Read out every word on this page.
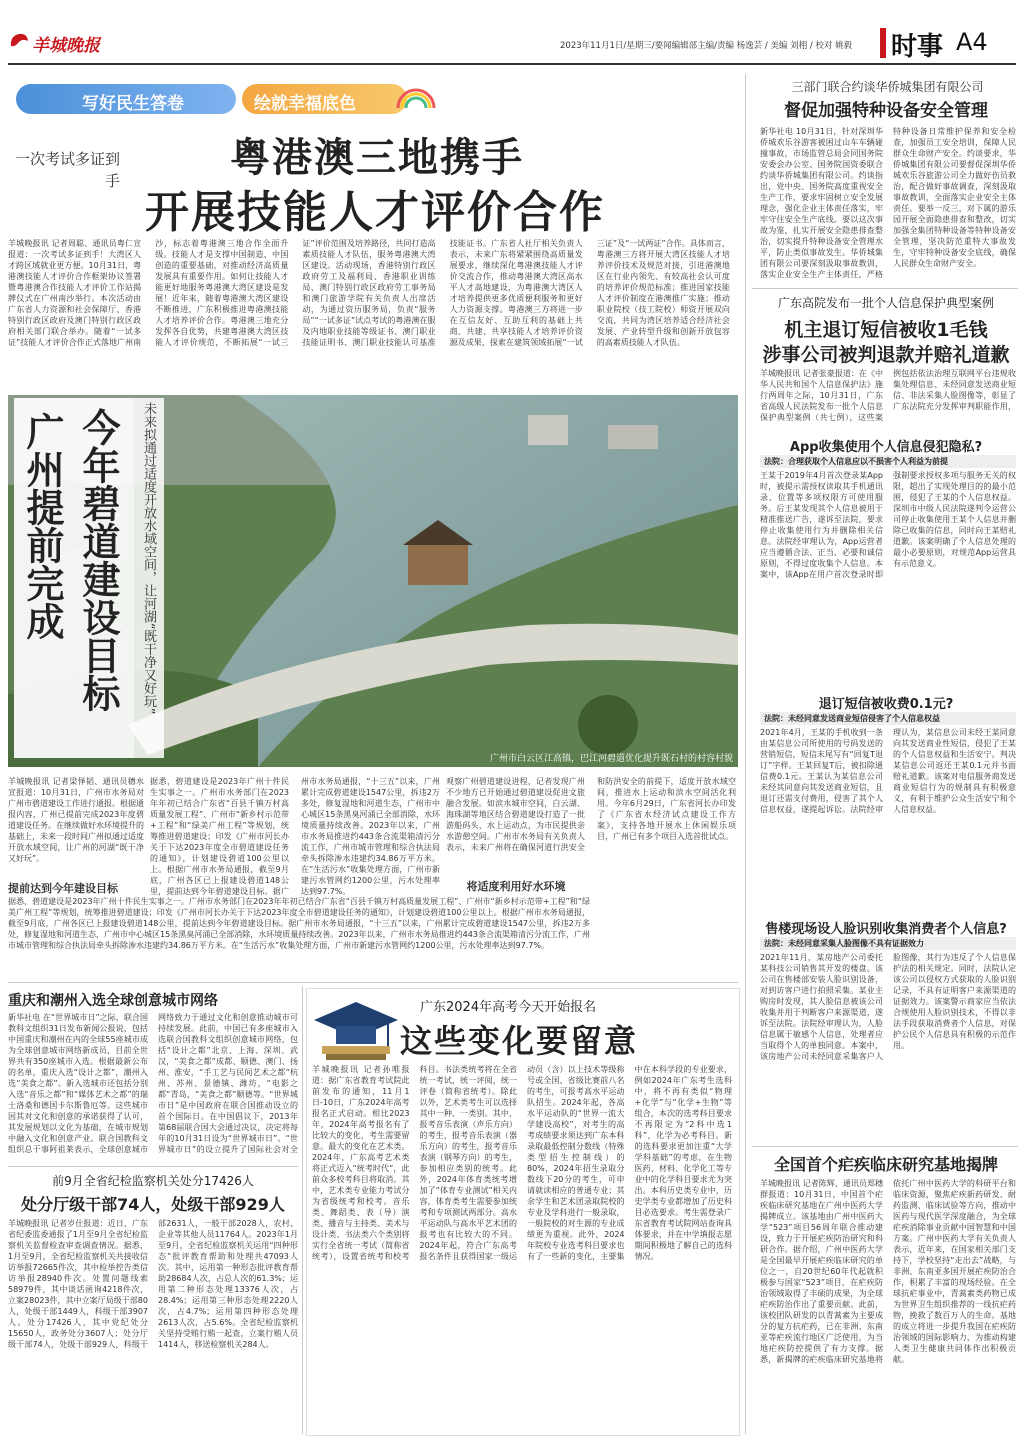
羊城晚报	2023年11月1日/星期三/要闻编辑部主编/责编 杨逸芸 / 美编 刘栩 / 校对 姚毅	时事 A4
写好民生答卷	绘就幸福底色
一次考试多证到手	粤港澳三地携手
开展技能人才评价合作
羊城晚报讯 记者周聪、通讯员粤仁宣报道：一次考试多证到手！大湾区人才跨区域就业更方便。10月31日，粤港澳技能人才评价合作框架协议签署暨粤港澳合作技能人才评价工作站揭牌仪式在广州南沙举行。本次活动由广东省人力资源和社会保障厅、香港特别行政区政府及澳门特别行政区政府相关部门联合举办。随着“一试多证”技能人才评价合作正式落地广州南沙，标志着粤港澳三地合作全面升级。技能人才是支撑中国制造、中国创造的重要基础，对推动经济高质量发展具有重要作用。如何让技能人才能更好地服务粤港澳大湾区建设是发展！近年来，随着粤港澳大湾区建设不断推进，广东积极推进粤港澳技能人才培养评价合作。粤港澳三地充分发挥各自优势，共建粤港澳大湾区技能人才评价规范，不断拓展“一试三证”评价范围及培养路径，共同打造高素质技能人才队伍，服务粤港澳大湾区建设。活动现场，香港特别行政区政府劳工及福利局、香港职业训练局、澳门特别行政区政府劳工事务局和澳门旅游学院有关负责人出席活动，为通过资历服务局，负责“服务局”“一试多证”试点考试的粤港澳在服及内地职业技能等级证书、澳门职业技能证明书、澳门职业技能认可基准技能证书。广东省人社厅相关负责人表示，未来广东将紧紧围绕高质量发展要求，继续深化粤港澳技能人才评价交流合作，推动粤港澳大湾区高水平人才高地建设，为粤港澳大湾区人才培养提供更多优质便利服务和更好人力资源支撑。粤港澳三方将进一步在互信友好、互助互利的基础上共商、共建、共享技能人才培养评价资源及成果，探索在建筑领域拓展“一试三证”及“一试两证”合作。具体而言，粤港澳三方将开展大湾区技能人才培养评价技术及规范对接，引进港澳地区在行业内领先、有较高社会认可度的培养评价规范标准；推进国家技能人才评价制度在港澳推广实施；推动职业院校（技工院校）师资开展双向交流，共同为湾区培养适合经济社会发展、产业转型升级和创新开放包容的高素质技能人才队伍。
三部门联合约谈华侨城集团有限公司
督促加强特种设备安全管理
新华社电 10月31日，针对深圳华侨城欢乐谷游客被困过山车车辆碰撞事故，市场监管总局会同国务院安委会办公室、国务院国资委联合约谈华侨城集团有限公司。约谈指出，党中央、国务院高度重视安全生产工作，要求牢固树立安全发展理念，强化企业主体责任落实，牢牢守住安全生产底线。要以这次事故为鉴，扎实开展安全隐患排查整治，切实提升特种设备安全管理水平，防止类似事故发生。华侨城集团有限公司要深刻汲取事故教训，落实企业安全生产主体责任，严格特种设备日常维护保养和安全检查，加强员工安全培训，保障人民群众生命财产安全。约谈要求，华侨城集团有限公司要督促深圳华侨城欢乐谷旅游公司全力做好伤员救治，配合做好事故调查，深刻汲取事故教训，全面落实企业安全主体责任。要举一反三，对下属的游乐园开展全面隐患排查和整改，切实加强全集团特种设备等特种设备安全管理，坚决防范重特大事故发生，守牢特种设备安全底线，确保人民群众生命财产安全。
广东高院发布一批个人信息保护典型案例
机主退订短信被收1毛钱
涉事公司被判退款并赔礼道歉
羊城晚报讯 记者张豪报道：在《中华人民共和国个人信息保护法》施行两周年之际，10月31日，广东省高级人民法院发布一批个人信息保护典型案例（共七例），这些案例包括依法治理互联网平台违规收集处理信息、未经同意发送商业短信、非法采集人脸图像等，彰显了广东法院充分发挥审判职能作用，
App收集使用个人信息侵犯隐私?
法院：合理获取个人信息应以不损害个人利益为前提
王某于2019年4月首次登录某App时，被提示需授权读取其手机通讯录、位置等多项权限方可使用服务。后王某发现其个人信息被用于精准推送广告，遂诉至法院，要求停止收集使用行为并删除相关信息。法院经审理认为，App运营者应当遵循合法、正当、必要和诚信原则，不得过度收集个人信息。本案中，该App在用户首次登录时即强制要求授权多项与服务无关的权限，超出了实现处理目的的最小范围，侵犯了王某的个人信息权益。深圳市中级人民法院遂判令运营公司停止收集使用王某个人信息并删除已收集的信息，同时向王某赔礼道歉。该案明确了个人信息处理的最小必要原则，对规范App运营具有示范意义。
退订短信被收费0.1元?
法院：未经同意发送商业短信侵害了个人信息权益
2021年4月，王某的手机收到一条由某信息公司所使用的号码发送的营销短信，短信末尾写有“回复T退订”字样。王某回复T后，被扣除通信费0.1元。王某认为某信息公司未经其同意向其发送商业短信，且退订还需支付费用，侵害了其个人信息权益，遂提起诉讼。法院经审理认为，某信息公司未经王某同意向其发送商业性短信，侵犯了王某的个人信息权益和生活安宁。判决某信息公司返还王某0.1元并书面赔礼道歉。该案对电信服务商发送商业短信行为的规制具有积极意义，有利于维护公众生活安宁和个人信息权益。
售楼现场设人脸识别收集消费者个人信息?
法院：未经同意采集人脸图像不具有证据效力
2021年11月，某房地产公司委托某科技公司销售其开发的楼盘。该公司在售楼部安装人脸识别设备，对到访客户进行拍照采集。某业主购房时发现，其人脸信息被该公司收集并用于判断客户来源渠道，遂诉至法院。法院经审理认为，人脸信息属于敏感个人信息，处理者应当取得个人的单独同意。本案中，该房地产公司未经同意采集客户人脸图像，其行为违反了个人信息保护法的相关规定。同时，法院认定该公司以侵权方式获取的人脸识别记录，不具有证明客户来源渠道的证据效力。该案警示商家应当依法合规使用人脸识别技术，不得以非法手段获取消费者个人信息，对保护公民个人信息具有积极的示范作用。
全国首个疟疾临床研究基地揭牌
羊城晚报讯 记者陈辉、通讯员郑穗群报道：10月31日，中国首个疟疾临床研究基地在广州中医药大学揭牌成立。该基地由广州中医药大学“523”项目56周年联合推动建设，致力于开展疟疾防治研究和科研合作。据介绍，广州中医药大学是全国最早开展疟疾临床研究的单位之一，自20世纪60年代起就积极参与国家“523”项目，在疟疾防治领域取得了丰硕的成果，为全球疟疾防治作出了重要贡献。此前，该校团队研发的以青蒿素为主要成分的复方抗疟药，已在非洲、东南亚等疟疾流行地区广泛使用，为当地疟疾防控提供了有力支撑。据悉，新揭牌的疟疾临床研究基地将依托广州中医药大学的科研平台和临床资源，聚焦疟疾新药研发、耐药监测、临床试验等方向，推动中医药与现代医学深度融合，为全球疟疾消除事业贡献中国智慧和中国方案。广州中医药大学有关负责人表示，近年来，在国家相关部门支持下，学校坚持“走出去”战略，与非洲、东南亚多国开展疟疾防治合作，积累了丰富的现场经验。在全球抗疟事业中，青蒿素类药物已成为世界卫生组织推荐的一线抗疟药物，挽救了数百万人的生命。基地的成立将进一步提升我国在疟疾防治领域的国际影响力，为推动构建人类卫生健康共同体作出积极贡献。
广州市白云区江高镇，巴江河碧道优化提升既石村的村容村貌
今年碧道建设目标
广州提前完成	未来拟通过适度开放水域空间，让河湖“既干净又好玩”
羊城晚报讯 记者梁怿韬、通讯员穗水宣报道：10月31日，广州市水务局对广州市碧道建设工作进行通报。根据通报内容，广州已提前完成2023年度碧道建设任务。在继续做好水环境提升的基础上，未来一段时间广州拟通过适度开放水域空间，让广州的河湖“既干净又好玩”。
提前达到今年建设目标
据悉，碧道建设是2023年广州十件民生实事之一。广州市水务部门在2023年年初已结合广东省“百县千镇万村高质量发展工程”、广州市“新乡村示范带+工程”和“绿美广州工程”等规划，统筹推进碧道建设；印发《广州市河长办关于下达2023年度全市碧道建设任务的通知》，计划建设碧道100公里以上。根据广州市水务局通报，截至9月底，广州各区已上报建设碧道148公里，提前达到今年碧道建设目标。据广州市水务局通报，“十三五”以来，广州累计完成碧道建设1547公里，拆违2万多处，修复湿地和河道生态，广州市中心城区15条黑臭河涌已全部消除，水环境质量持续改善。2023年以来，广州市水务局推进约443条合流渠箱清污分流工作，广州市城市管理和综合执法局牵头拆除渗水违建约34.86万平方米。在“生活污水”收集处理方面，广州市新建污水管网约1200公里，污水处理率达到97.7%。
据悉，碧道建设是2023年广州十件民生实事之一。广州市水务部门在2023年年初已结合广东省“百县千镇万村高质量发展工程”、广州市“新乡村示范带+工程”和“绿美广州工程”等规划，统筹推进碧道建设；印发《广州市河长办关于下达2023年度全市碧道建设任务的通知》，计划建设碧道100公里以上。根据广州市水务局通报，截至9月底，广州各区已上报建设碧道148公里，提前达到今年碧道建设目标。据广州市水务局通报，“十三五”以来，广州累计完成碧道建设1547公里，拆违2万多处，修复湿地和河道生态，广州市中心城区15条黑臭河涌已全部消除，水环境质量持续改善。2023年以来，广州市水务局推进约443条合流渠箱清污分流工作，广州市城市管理和综合执法局牵头拆除渗水违建约34.86万平方米。在“生活污水”收集处理方面，广州市新建污水管网约1200公里，污水处理率达到97.7%。	将适度利用好水环境
观察广州碧道建设进程，记者发现广州不少地方已开始通过碧道建设促进文旅融合发展。如滨水城市空间，白云湖、海珠湖等地区结合碧道建设打造了一批游船码头、水上运动点，为市民提供亲水游憩空间。广州市水务局有关负责人表示，未来广州将在确保河道行洪安全和防洪安全的前提下，适度开放水域空间，推进水上运动和滨水空间活化利用。今年6月29日，广东省河长办印发了《广东省水经济试点建设工作方案》，支持各地开展水上休闲娱乐项目，广州已有多个项目入选首批试点。
重庆和潮州入选全球创意城市网络
新华社电 在“世界城市日”之际，联合国教科文组织31日发布新闻公报说，包括中国重庆和潮州在内的全球55座城市成为全球创意城市网络新成员，目前全世界共有350座城市入选。根据最新公布的名单，重庆入选“设计之都”，潮州入选“美食之都”。新入选城市还包括分别入选“音乐之都”和“媒体艺术之都”的瑞士洛桑和德国卡尔斯鲁厄等。这些城市因其对文化和创意的承诺获得了认可，其发展规划以文化为基础，在城市规划中融入文化和创意产业。联合国教科文组织总干事阿祖莱表示，全球创意城市网络致力于通过文化和创意推动城市可持续发展。此前，中国已有多座城市入选联合国教科文组织创意城市网络，包括“设计之都”北京、上海、深圳、武汉，“美食之都”成都、顺德、澳门、扬州、淮安，“手工艺与民间艺术之都”杭州、苏州、景德镇、潍坊，“电影之都”青岛，“美食之都”顺德等。“世界城市日”是中国政府在联合国推动设立的首个国际日。在中国倡议下，2013年第68届联合国大会通过决议，决定将每年的10月31日设为“世界城市日”。“世界城市日”的设立提升了国际社会对全
前9月全省纪检监察机关处分17426人
处分厅级干部74人，处级干部929人
羊城晚报讯 记者岁仕报道：近日，广东省纪委监委通报了1月至9月全省纪检监察机关监督检查审查调查情况。据悉，1月至9月，全省纪检监察机关共接收信访举报72665件次，其中检举控告类信访举报28940件次。处置问题线索58979件，其中谈话函询4218件次，立案28023件，其中立案厅局级干部80人，处级干部1449人，科级干部3907人。处分17426人，其中党纪处分15650人，政务处分3607人；处分厅级干部74人，处级干部929人，科级干部2631人，一般干部2028人，农村、企业等其他人员11764人。2023年1月至9月，全省纪检监察机关运用“四种形态”批评教育帮助和处理共47093人次。其中，运用第一种形态批评教育帮助28684人次，占总人次的61.3%；运用第二种形态处理13376人次，占28.4%；运用第三种形态处理2220人次，占4.7%；运用第四种形态处理2613人次，占5.6%。全省纪检监察机关坚持受贿行贿一起查，立案行贿人员1414人，移送检察机关284人。
广东2024年高考今天开始报名
这些变化要留意
羊城晚报讯 记者孙唯报道：据广东省教育考试院此前发布的通知，11月1日-10日，广东2024年高考报名正式启动。相比2023年，2024年高考报名有了比较大的变化，考生需要留意。最大的变化在艺术类。2024年，广东高考艺术类将正式迈入“统考时代”，此前众多校考科目将取消。其中，艺术类专业能力考试分为省级统考和校考。音乐类、舞蹈类、表（导）演类、播音与主持类、美术与设计类、书法类六个类别将实行全省统一考试（简称省统考），设置省统考和校考科目。书法类统考将在全省统一考试，统一评阅，统一评卷（简称省统考）。除此以外，艺术类考生可以选择其中一种、一类别。其中，报考音乐表演（声乐方向）的考生，报考音乐表演（器乐方向）的考生，报考音乐表演（钢琴方向）的考生，参加相应类别的统考。此外，2024年体育类统考增加了“体育专业测试”相关内容，体育类考生需要参加统考和专项测试两部分。高水平运动队与高水平艺术团的报考也有比较大的不同。2024年起，符合广东高考报名条件且获得国家一级运动员（含）以上技术等级称号或全国、省级比赛前八名的考生，可报考高水平运动队招生。2024年起，各高水平运动队的“世界一流大学建设高校”，对考生的高考成绩要求须达到广东本科录取最低控制分数线（特殊类型招生控制线）的80%，2024年招生录取分数线下20分的考生，可申请就读相应的普通专业；其余学生和艺术团录取院校的专业及学科进行一般录取，一般院校的对生源的专业成绩更为重视。此外，2024年院校专业选考科目要求也有了一些新的变化，主要集中在本科学段的专业要求，例如2024年广东考生选科中，将不再有类似“物理+化学”与“化学+生物”等组合，本次的选考科目要求不再限定为“2科中选1科”，化学为必考科目。新的选科要求更加注重“大学学科基础”的考虑，在生物医药、材料、化学化工等专业中的化学科目要求尤为突出。本科历史类专业中，历史学类专业都增加了历史科目必选要求。考生需登录广东省教育考试院网站查询具体要求，并在中学填报志愿期间积极地了解自己的选科情况。
